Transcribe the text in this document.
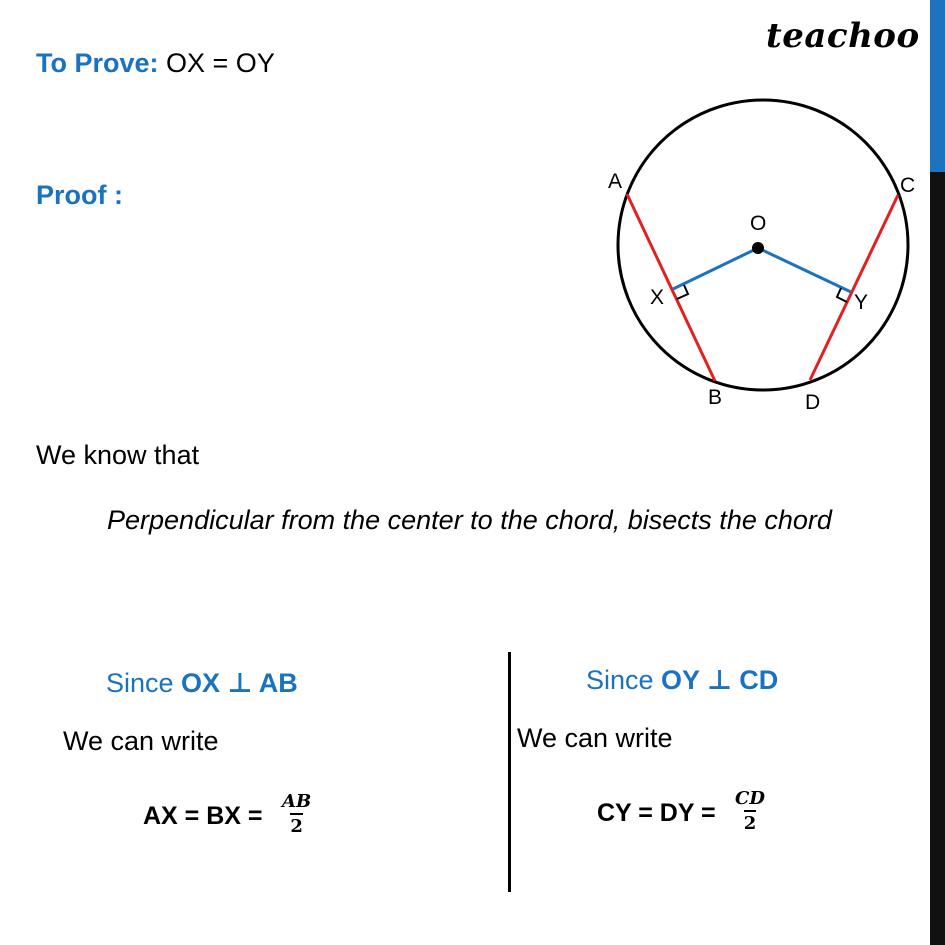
teachoo
To Prove: OX = OY
Proof :	A	C
O
X	Y
B	D
We know that
Perpendicular from the center to the chord, bisects the chord
Since OX ⊥ AB
We can write
AX = BX = $\frac{AB}{2}$
Since OY ⊥ CD
We can write
CY = DY = $\frac{CD}{2}$
